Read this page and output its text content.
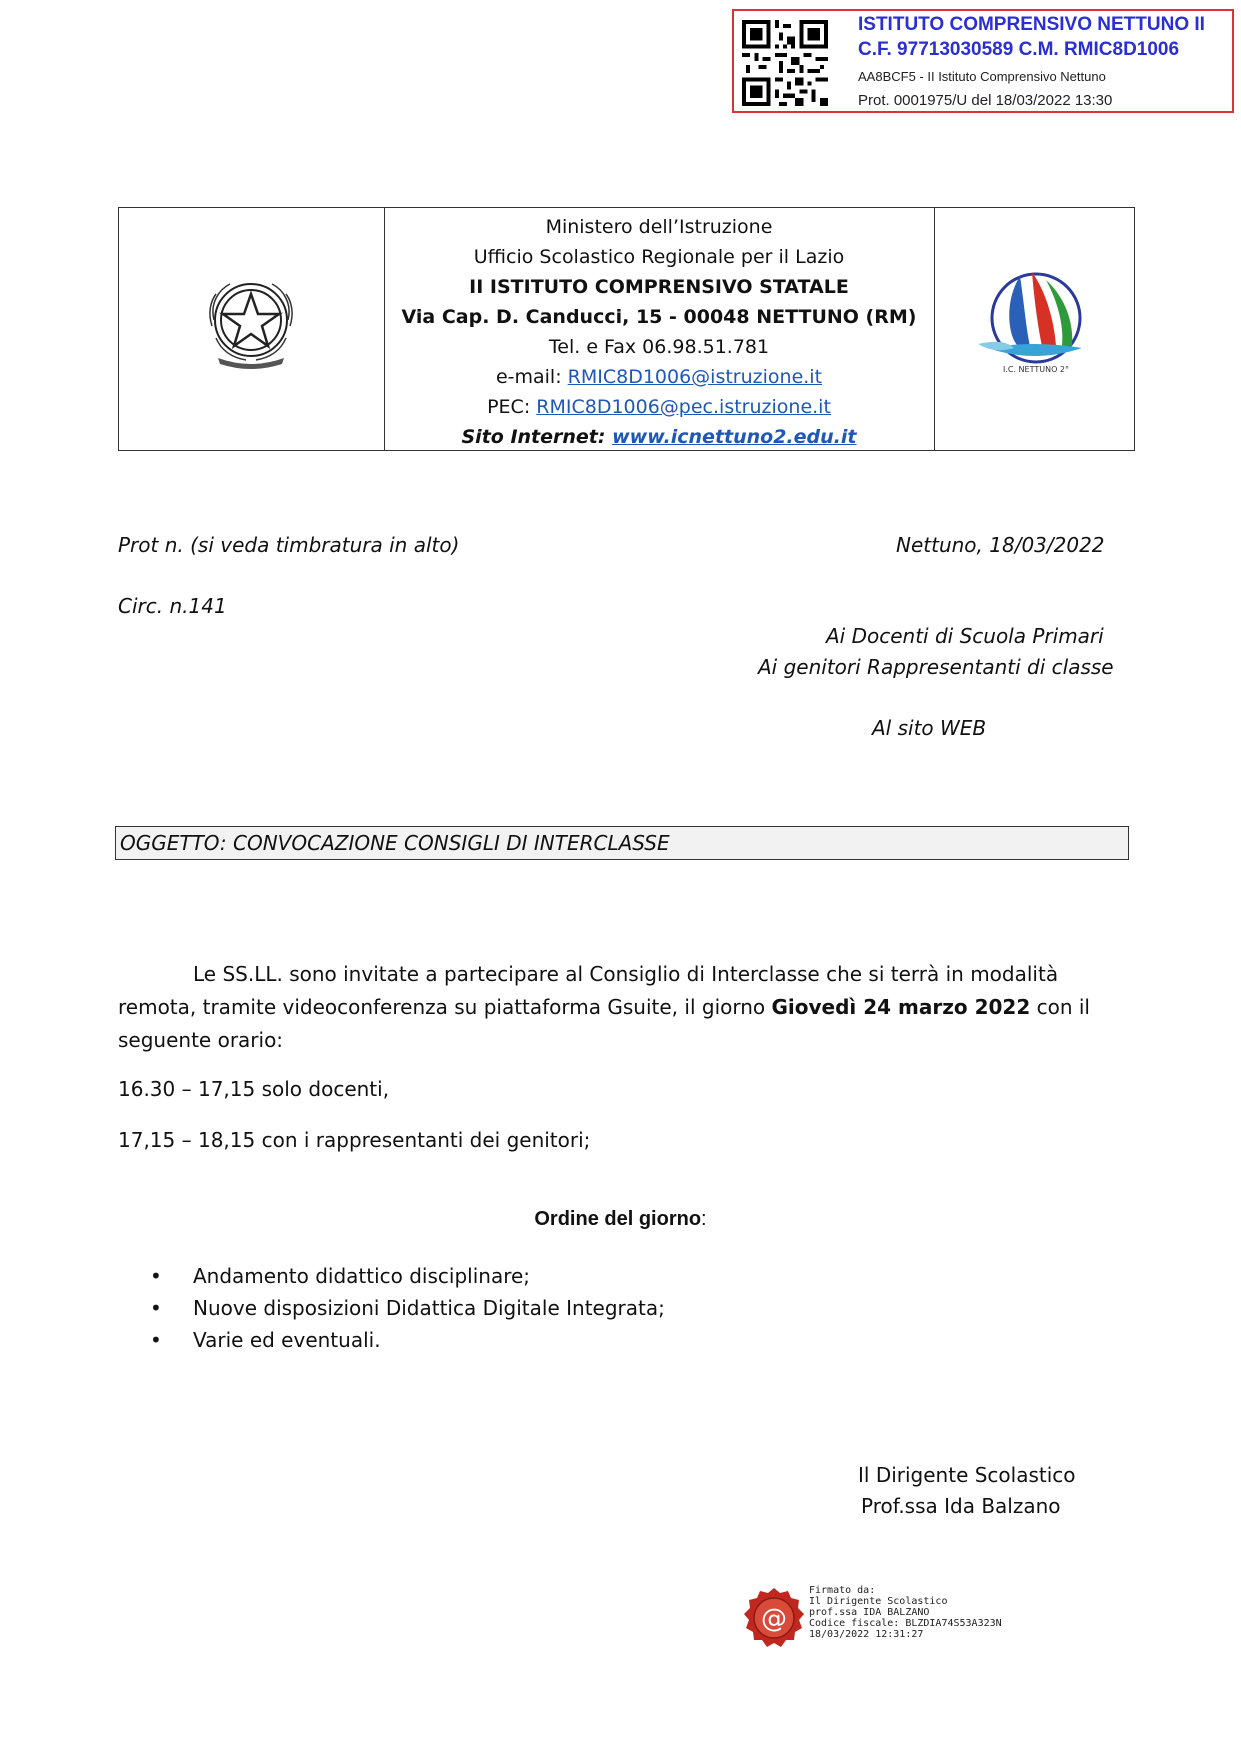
ISTITUTO COMPRENSIVO NETTUNO II
C.F. 97713030589 C.M. RMIC8D1006
AA8BCF5 - II Istituto Comprensivo Nettuno
Prot. 0001975/U del 18/03/2022 13:30
Ministero dell’Istruzione
Ufficio Scolastico Regionale per il Lazio
II ISTITUTO COMPRENSIVO STATALE
Via Cap. D. Canducci, 15 - 00048 NETTUNO (RM)
Tel. e Fax 06.98.51.781
e-mail: RMIC8D1006@istruzione.it
PEC: RMIC8D1006@pec.istruzione.it
Sito Internet: www.icnettuno2.edu.it
I.C. NETTUNO 2°
Prot n. (si veda timbratura in alto)	Nettuno, 18/03/2022
Circ. n.141
Ai Docenti di Scuola Primari
Ai genitori Rappresentanti di classe
Al sito WEB
OGGETTO: CONVOCAZIONE CONSIGLI DI INTERCLASSE
Le SS.LL. sono invitate a partecipare al Consiglio di Interclasse che si terrà in modalità
remota, tramite videoconferenza su piattaforma Gsuite, il giorno Giovedì 24 marzo 2022 con il
seguente orario:
16.30 – 17,15 solo docenti,
17,15 – 18,15 con i rappresentanti dei genitori;
Ordine del giorno:
• Andamento didattico disciplinare;
• Nuove disposizioni Didattica Digitale Integrata;
• Varie ed eventuali.
Il Dirigente Scolastico
Prof.ssa Ida Balzano
@
Firmato da:
Il Dirigente Scolastico
prof.ssa IDA BALZANO
Codice fiscale: BLZDIA74S53A323N
18/03/2022 12:31:27
